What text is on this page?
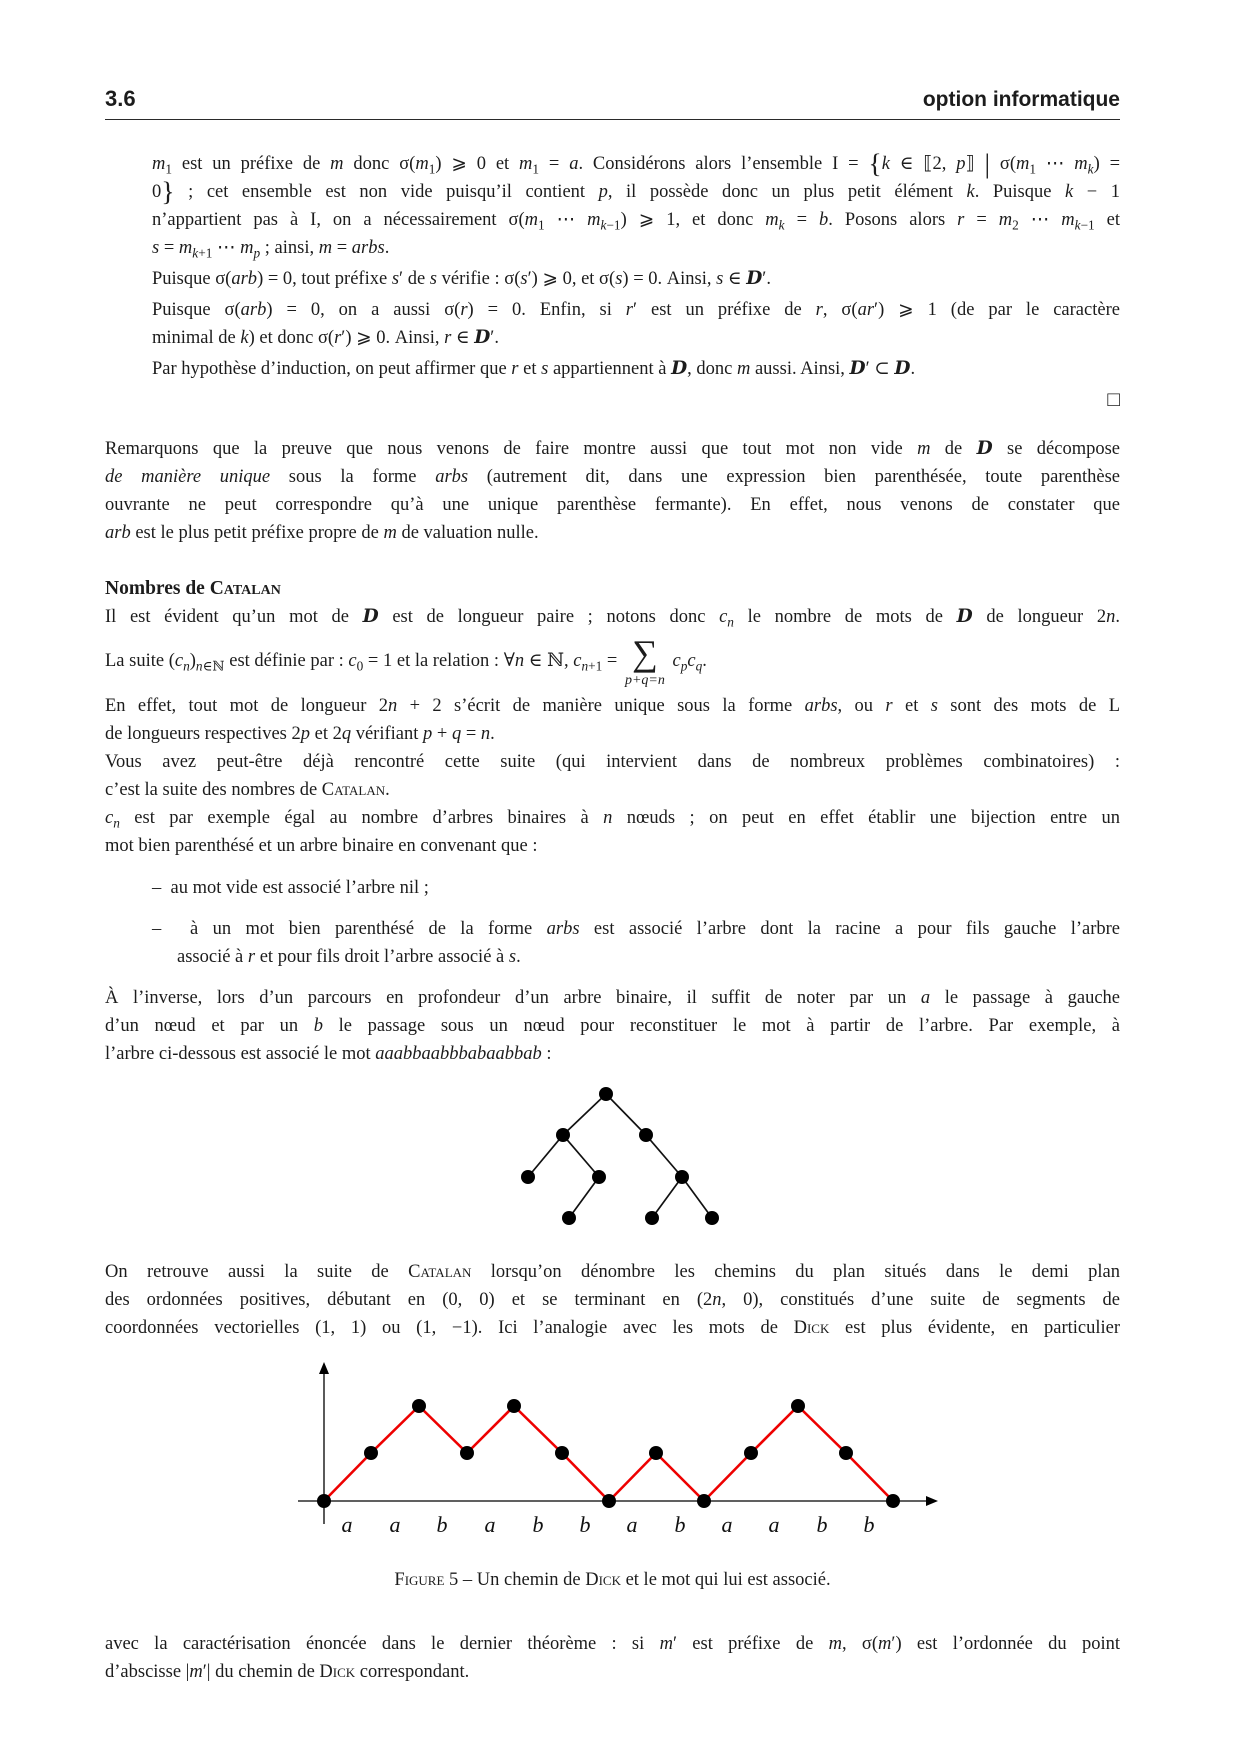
3.6	option informatique
$m_1$ est un préfixe de m donc $\sigma(m_1)$ ⩾ 0 et $m_1 = a$. Considérons alors l’ensemble I = {k ∈ ⟦2, p⟧ | $\sigma(m_1$ ⋯ $m_k$) =
0} ; cet ensemble est non vide puisqu’il contient p, il possède donc un plus petit élément k. Puisque k − 1
n’appartient pas à I, on a nécessairement $\sigma(m_1$ ⋯ $m_{k-1}$) ⩾ 1, et donc $m_k = b$. Posons alors $r = m_2$ ⋯ $m_{k-1}$ et
$s = m_{k+1}$ ⋯ $m_p$ ; ainsi, m = arbs.
Puisque σ(arb) = 0, tout préfixe s′ de s vérifie : σ(s′) ⩾ 0, et σ(s) = 0. Ainsi, s ∈ D′.
Puisque σ(arb) = 0, on a aussi σ(r) = 0. Enfin, si r′ est un préfixe de r, σ(ar′) ⩾ 1 (de par le caractère
minimal de k) et donc σ(r′) ⩾ 0. Ainsi, r ∈ D′.
Par hypothèse d’induction, on peut affirmer que r et s appartiennent à D, donc m aussi. Ainsi, D′ ⊂ D.
□
Remarquons que la preuve que nous venons de faire montre aussi que tout mot non vide m de D se décompose
de manière unique sous la forme arbs (autrement dit, dans une expression bien parenthésée, toute parenthèse
ouvrante ne peut correspondre qu’à une unique parenthèse fermante). En effet, nous venons de constater que
arb est le plus petit préfixe propre de m de valuation nulle.
Nombres de Catalan
Il est évident qu’un mot de D est de longueur paire ; notons donc $c_n$ le nombre de mots de D de longueur 2n.
La suite $(c_n)_{n\in ℕ}$ est définie par : $c_0 = 1$ et la relation : ∀n ∈ ℕ, $c_{n+1}$ = ∑
p+q=n
$c_pc_q$.
En effet, tout mot de longueur 2n + 2 s’écrit de manière unique sous la forme arbs, ou r et s sont des mots de L
de longueurs respectives 2p et 2q vérifiant p + q = n.
Vous avez peut-être déjà rencontré cette suite (qui intervient dans de nombreux problèmes combinatoires) :
c’est la suite des nombres de Catalan.
$c_n$ est par exemple égal au nombre d’arbres binaires à n nœuds ; on peut en effet établir une bijection entre un
mot bien parenthésé et un arbre binaire en convenant que :
–  au mot vide est associé l’arbre nil ;
–  à un mot bien parenthésé de la forme arbs est associé l’arbre dont la racine a pour fils gauche l’arbre
associé à r et pour fils droit l’arbre associé à s.
À l’inverse, lors d’un parcours en profondeur d’un arbre binaire, il suffit de noter par un a le passage à gauche
d’un nœud et par un b le passage sous un nœud pour reconstituer le mot à partir de l’arbre. Par exemple, à
l’arbre ci-dessous est associé le mot aaabbaabbbabaabbab :
On retrouve aussi la suite de Catalan lorsqu’on dénombre les chemins du plan situés dans le demi plan
des ordonnées positives, débutant en (0, 0) et se terminant en (2n, 0), constitués d’une suite de segments de
coordonnées vectorielles (1, 1) ou (1, −1). Ici l’analogie avec les mots de Dick est plus évidente, en particulier
a a b a b b a b a a b b
Figure 5 – Un chemin de Dick et le mot qui lui est associé.
avec la caractérisation énoncée dans le dernier théorème : si m′ est préfixe de m, σ(m′) est l’ordonnée du point
d’abscisse |m′| du chemin de Dick correspondant.
